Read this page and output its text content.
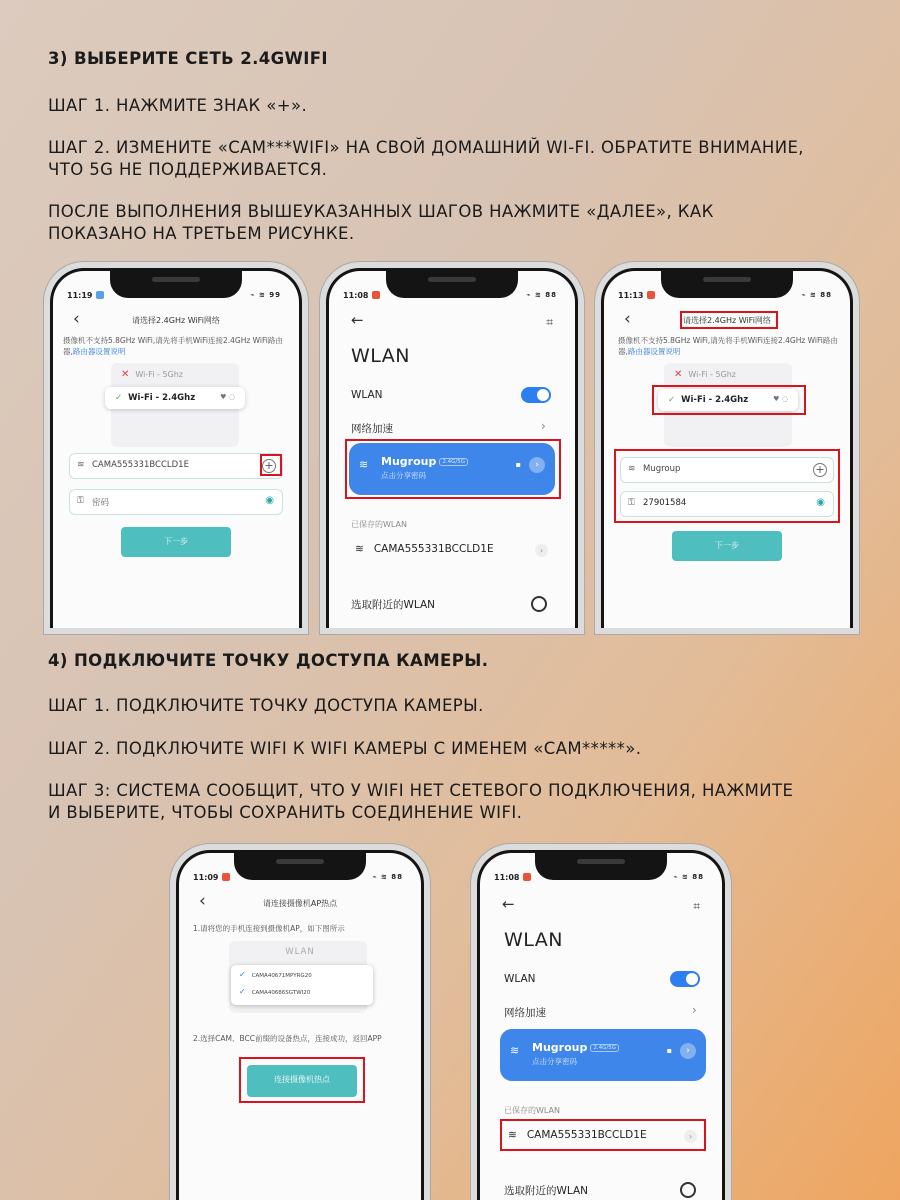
3) ВЫБЕРИТЕ СЕТЬ 2.4GWIFI
ШАГ 1. НАЖМИТЕ ЗНАК «+».
ШАГ 2. ИЗМЕНИТЕ «CAM***WIFI» НА СВОЙ ДОМАШНИЙ WI-FI. ОБРАТИТЕ ВНИМАНИЕ,
ЧТО 5G НЕ ПОДДЕРЖИВАЕТСЯ.
ПОСЛЕ ВЫПОЛНЕНИЯ ВЫШЕУКАЗАННЫХ ШАГОВ НАЖМИТЕ «ДАЛЕЕ», КАК
ПОКАЗАНО НА ТРЕТЬЕМ РИСУНКЕ.
11:19	⌁ ≋ 99
‹	请选择2.4GHz WiFi网络
摄像机不支持5.8GHz WiFi,请先将手机WiFi连接2.4GHz WiFi路由器,路由器设置说明
✕ Wi-Fi - 5Ghz
✓ Wi-Fi - 2.4Ghz	♥ ◌
≋ CAMA555331BCCLD1E	+
⚿ 密码	◉
下一步
11:08	⌁ ≋ 88
←	⌗
WLAN
WLAN
网络加速	›
≋ Mugroup 2.4G/5G
点击分享密码
▪	›
已保存的WLAN
≋ CAMA555331BCCLD1E	›
选取附近的WLAN
11:13	⌁ ≋ 88
‹	请选择2.4GHz WiFi网络
摄像机不支持5.8GHz WiFi,请先将手机WiFi连接2.4GHz WiFi路由器,路由器设置说明
✕ Wi-Fi - 5Ghz
✓ Wi-Fi - 2.4Ghz	♥ ◌
≋ Mugroup	+
⚿ 27901584	◉
下一步
4) ПОДКЛЮЧИТЕ ТОЧКУ ДОСТУПА КАМЕРЫ.
ШАГ 1. ПОДКЛЮЧИТЕ ТОЧКУ ДОСТУПА КАМЕРЫ.
ШАГ 2. ПОДКЛЮЧИТЕ WIFI К WIFI КАМЕРЫ С ИМЕНЕМ «CAM*****».
ШАГ 3: СИСТЕМА СООБЩИТ, ЧТО У WIFI НЕТ СЕТЕВОГО ПОДКЛЮЧЕНИЯ, НАЖМИТЕ
И ВЫБЕРИТЕ, ЧТОБЫ СОХРАНИТЬ СОЕДИНЕНИЕ WIFI.
11:09	⌁ ≋ 88
‹	请连接摄像机AP热点
1.请将您的手机连接到摄像机AP，如下图所示
WLAN
✓ CAMA40671MPYRG20
✓ CAMA40686SGTWI20
2.选择CAM、BCC前缀的设备热点，连接成功，返回APP
连接摄像机热点
11:08	⌁ ≋ 88
←	⌗
WLAN
WLAN
网络加速	›
≋ Mugroup 2.4G/5G
点击分享密码
▪	›
已保存的WLAN
≋ CAMA555331BCCLD1E	›
选取附近的WLAN
